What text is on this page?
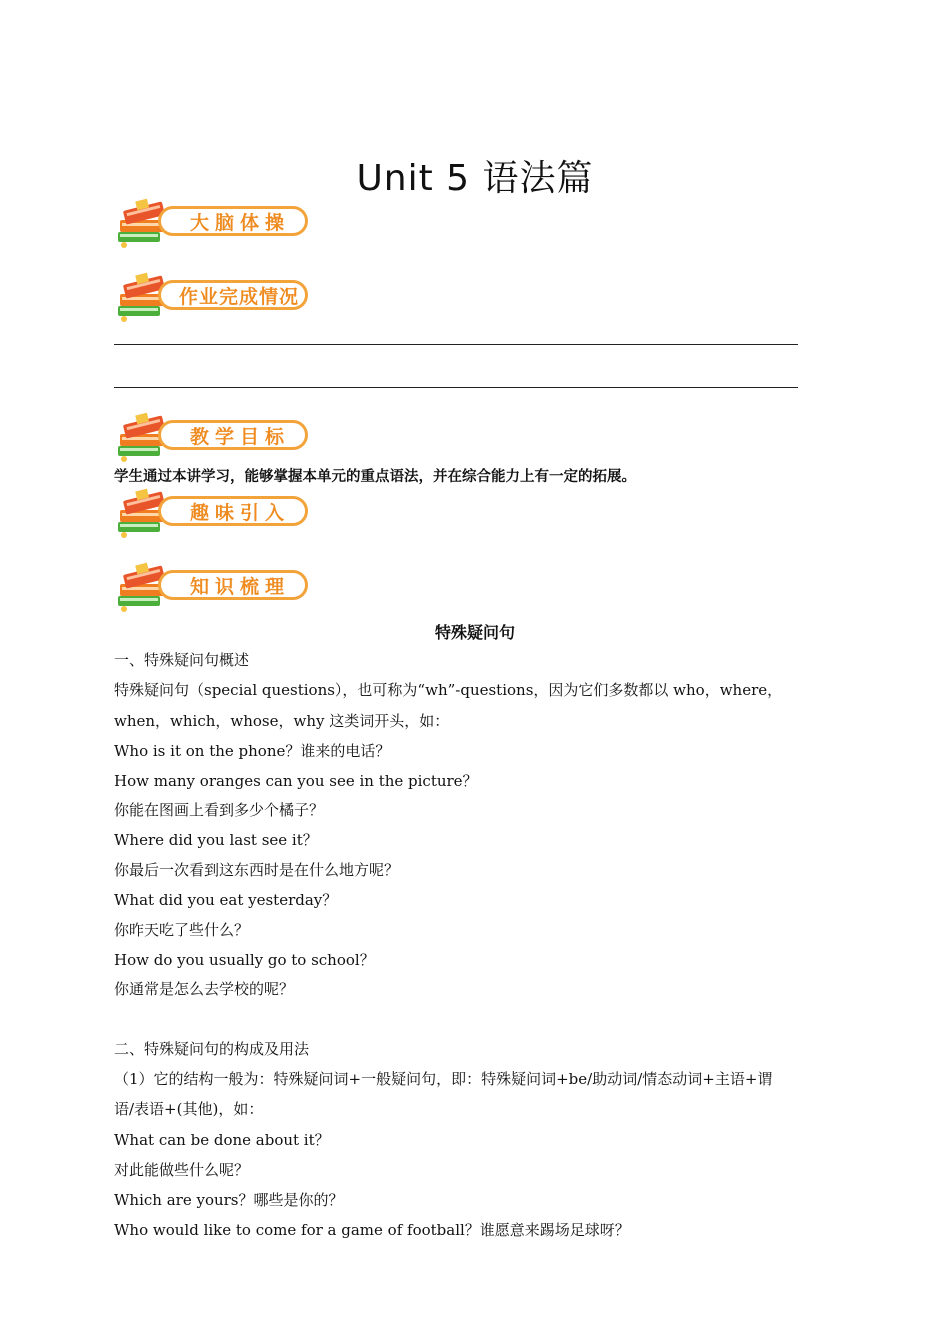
Unit 5 语法篇
大脑体操
作业完成情况
教学目标
学生通过本讲学习，能够掌握本单元的重点语法，并在综合能力上有一定的拓展。
趣味引入
知识梳理
特殊疑问句
一、特殊疑问句概述
特殊疑问句（special questions），也可称为“wh”-questions，因为它们多数都以 who，where，
when，which，whose，why 这类词开头，如：
Who is it on the phone？谁来的电话？
How many oranges can you see in the picture？
你能在图画上看到多少个橘子？
Where did you last see it？
你最后一次看到这东西时是在什么地方呢？
What did you eat yesterday？
你昨天吃了些什么？
How do you usually go to school？
你通常是怎么去学校的呢？
二、特殊疑问句的构成及用法
（1）它的结构一般为：特殊疑问词+一般疑问句，即：特殊疑问词+be/助动词/情态动词+主语+谓
语/表语+(其他)，如：
What can be done about it？
对此能做些什么呢？
Which are yours？哪些是你的？
Who would like to come for a game of football？谁愿意来踢场足球呀？
